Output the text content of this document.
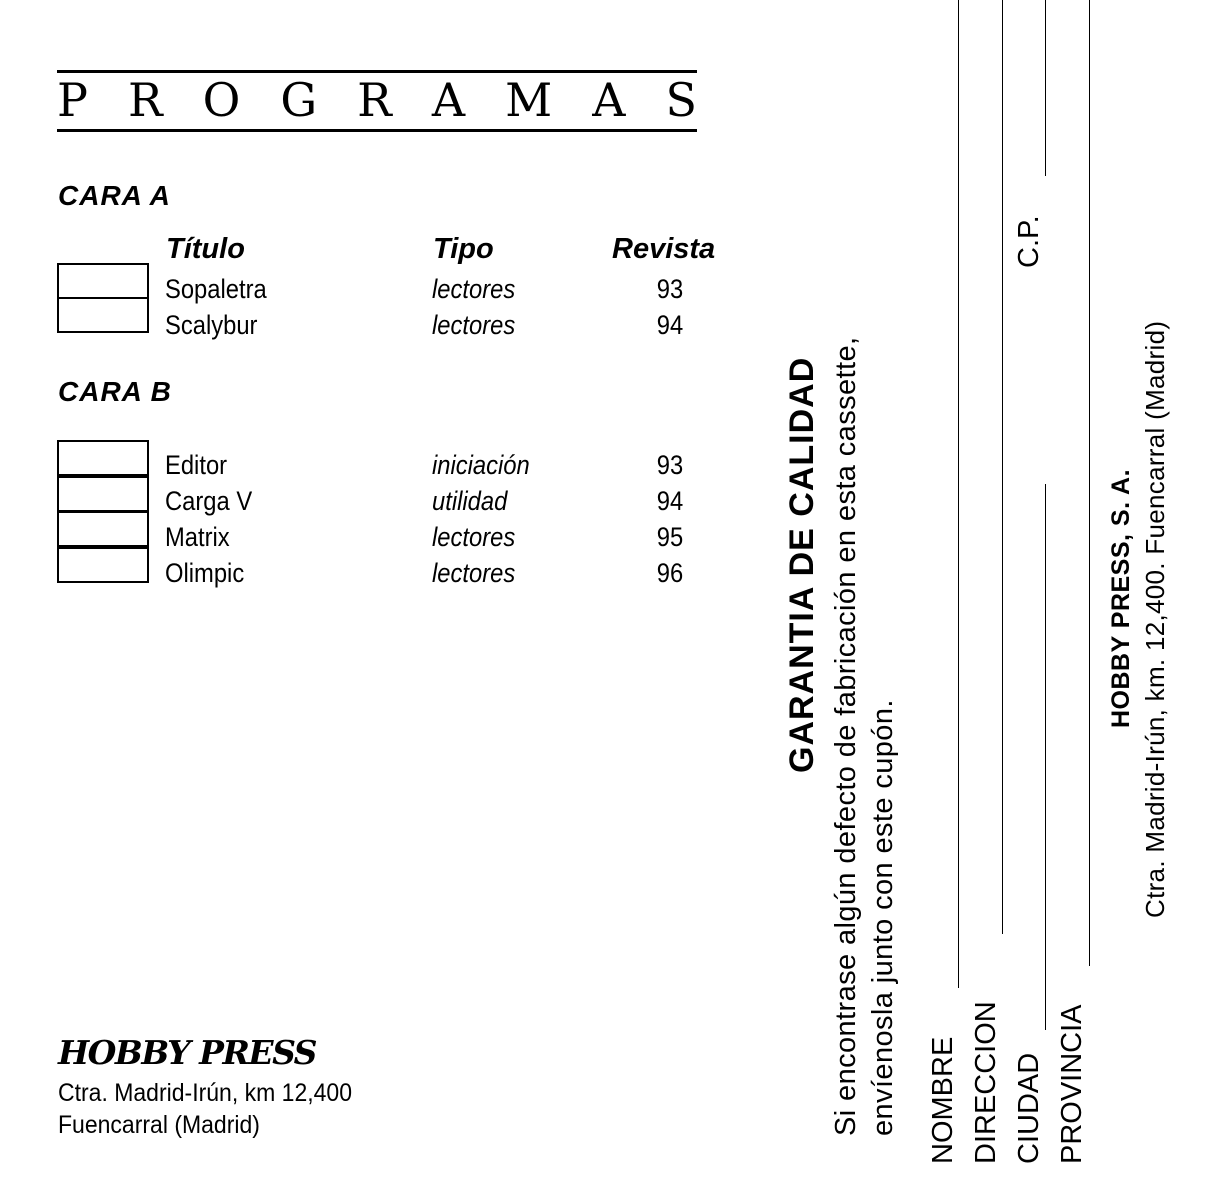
P R O G R A M A S
CARA A
Título	Tipo	Revista
Sopaletra	lectores	93
Scalybur	lectores	94
CARA B
Editor	iniciación	93
Carga V	utilidad	94
Matrix	lectores	95
Olimpic	lectores	96
HOBBY PRESS
Ctra. Madrid-Irún, km 12,400
Fuencarral (Madrid)
GARANTIA DE CALIDAD Si encontrase algún defecto de fabricación en esta cassette, envíenosla junto con este cupón. NOMBRE DIRECCION CIUDAD
C.P.
PROVINCIA
HOBBY PRESS, S. A. Ctra. Madrid-Irún, km. 12,400. Fuencarral (Madrid)
